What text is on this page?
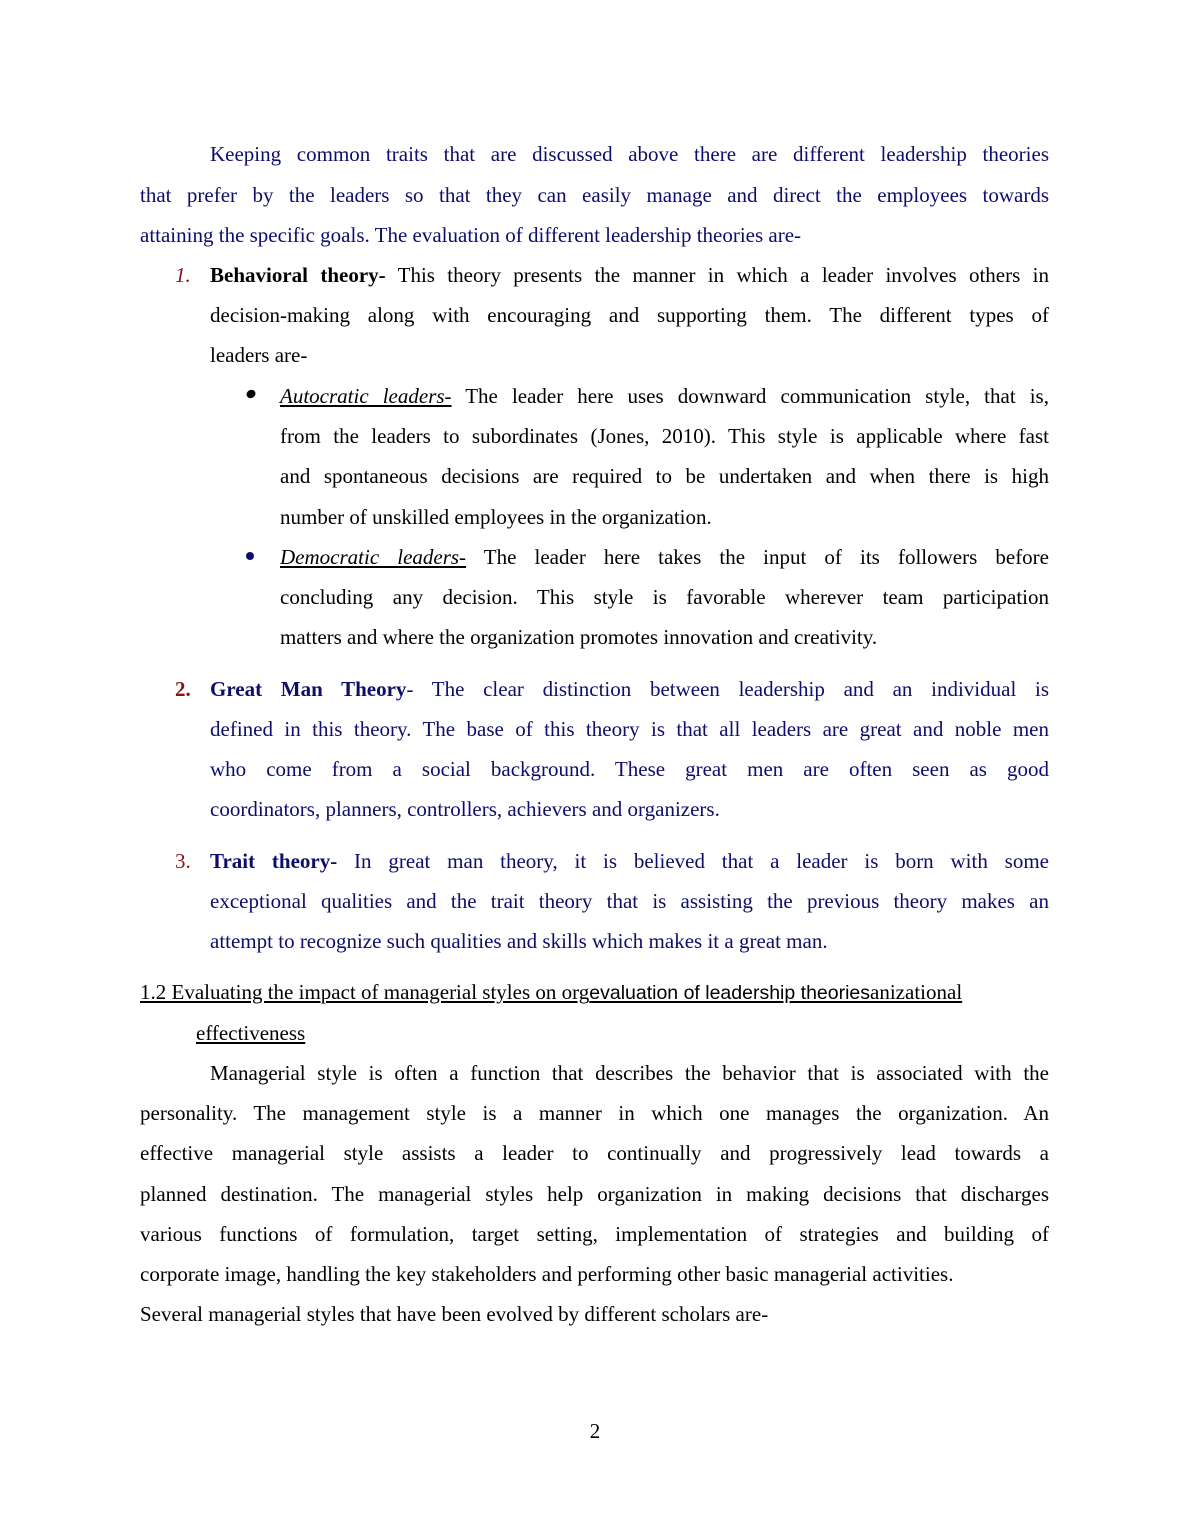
Keeping common traits that are discussed above there are different leadership theories
that prefer by the leaders so that they can easily manage and direct the employees towards
attaining the specific goals. The evaluation of different leadership theories are-
1. Behavioral theory- This theory presents the manner in which a leader involves others in
decision-making along with encouraging and supporting them. The different types of
leaders are-
Autocratic leaders- The leader here uses downward communication style, that is,
from the leaders to subordinates (Jones, 2010). This style is applicable where fast
and spontaneous decisions are required to be undertaken and when there is high
number of unskilled employees in the organization.
Democratic leaders- The leader here takes the input of its followers before
concluding any decision. This style is favorable wherever team participation
matters and where the organization promotes innovation and creativity.
2. Great Man Theory- The clear distinction between leadership and an individual is
defined in this theory. The base of this theory is that all leaders are great and noble men
who come from a social background. These great men are often seen as good
coordinators, planners, controllers, achievers and organizers.
3. Trait theory- In great man theory, it is believed that a leader is born with some
exceptional qualities and the trait theory that is assisting the previous theory makes an
attempt to recognize such qualities and skills which makes it a great man.
1.2 Evaluating the impact of managerial styles on orgevaluation of leadership theoriesanizational
effectiveness
Managerial style is often a function that describes the behavior that is associated with the
personality. The management style is a manner in which one manages the organization. An
effective managerial style assists a leader to continually and progressively lead towards a
planned destination. The managerial styles help organization in making decisions that discharges
various functions of formulation, target setting, implementation of strategies and building of
corporate image, handling the key stakeholders and performing other basic managerial activities.
Several managerial styles that have been evolved by different scholars are-
2
